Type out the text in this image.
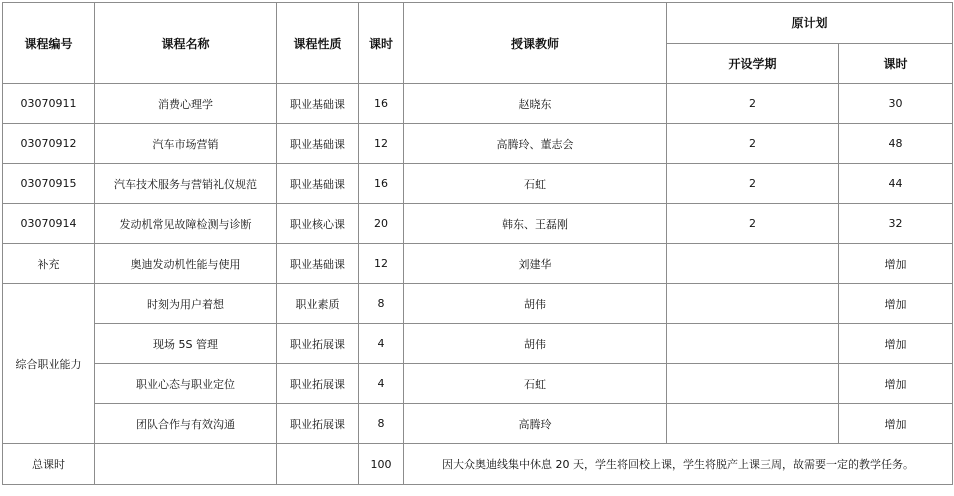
课程编号	课程名称	课程性质	课时	授课教师	原计划	
					开设学期	课时
03070911	消费心理学	职业基础课	16	赵晓东	2	30
03070912	汽车市场营销	职业基础课	12	高腾玲、董志会	2	48
03070915	汽车技术服务与营销礼仪规范	职业基础课	16	石虹	2	44
03070914	发动机常见故障检测与诊断	职业核心课	20	韩东、王磊刚	2	32
补充	奥迪发动机性能与使用	职业基础课	12	刘建华		增加
综合职业能力	时刻为用户着想	职业素质	8	胡伟		增加
	现场 5S 管理	职业拓展课	4	胡伟		增加
	职业心态与职业定位	职业拓展课	4	石虹		增加
	团队合作与有效沟通	职业拓展课	8	高腾玲		增加
总课时			100	因大众奥迪线集中休息 20 天，学生将回校上课，学生将脱产上课三周，故需要一定的教学任务。		
